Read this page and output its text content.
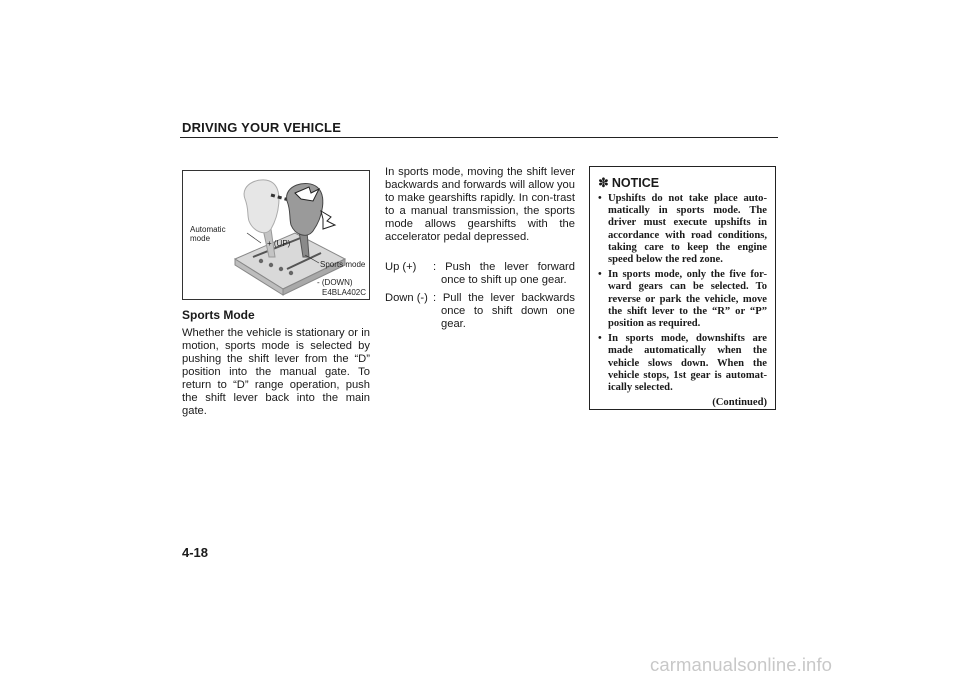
DRIVING YOUR VEHICLE
Automatic
mode
+ (UP)
Sports mode
- (DOWN)
E4BLA402C
Sports Mode

Whether the vehicle is stationary or in motion, sports mode is selected by pushing the shift lever from the “D” position into the manual gate. To return to “D” range operation, push the shift lever back into the main gate.

In sports mode, moving the shift lever backwards and forwards will allow you to make gearshifts rapidly. In con-trast to a manual transmission, the sports mode allows gearshifts with the accelerator pedal depressed.

Up (+)	: Push the lever forward once to shift up one gear.
Down (-) : Pull the lever backwards once to shift down one gear.
✽ NOTICE
• Upshifts do not take place auto-matically in sports mode. The driver must execute upshifts in accordance with road conditions, taking care to keep the engine speed below the red zone.
• In sports mode, only the five for-ward gears can be selected. To reverse or park the vehicle, move the shift lever to the “R” or “P” position as required.
• In sports mode, downshifts are made automatically when the vehicle slows down. When the vehicle stops, 1st gear is automat-ically selected.
(Continued)
4-18
carmanualsonline.info
